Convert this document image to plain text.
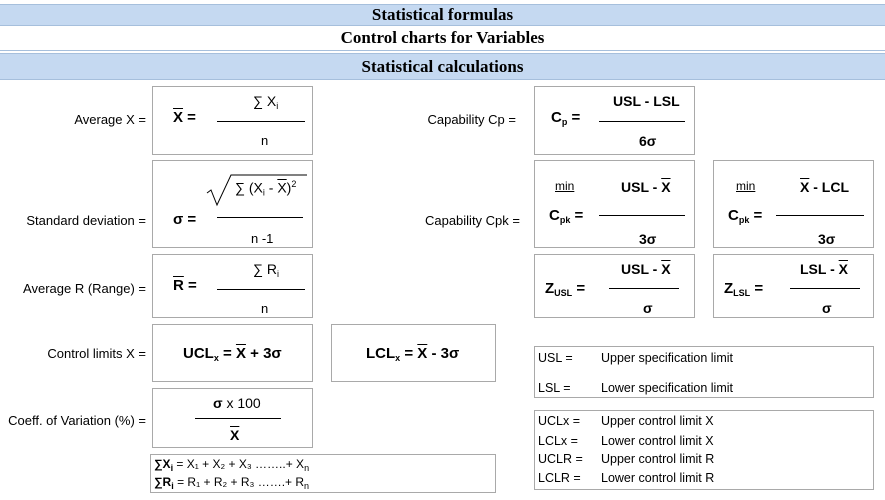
Statistical formulas
Control charts for Variables
Statistical calculations
Average X =
Standard deviation =
Average R (Range) =
Control limits X =
Coeff. of Variation (%) =
Capability Cp =
Capability Cpk =
$\overline{X}$ =
∑ $X_i$
n
σ =
∑ $(X_i - \overline{X})^2$
n -1
$\overline{R}$ =
∑ $R_i$
n
$UCL_x = \overline{X} + 3\sigma$	$LCL_x = \overline{X} - 3\sigma$
$\frac{\text{σ x 100}}{X}$
$\sum X_i = X_1 + X_2 + X_3$ ……..+ $X_n$
$\sum R_i = R_1 + R_2 + R_3$ …….+ $R_n$
$C_p$ =
USL - LSL
6σ
min
$C_{pk}$ =
USL - $\overline{X}$
3σ
min
$C_{pk}$ =
$\overline{X}$ - LCL
3σ
$Z_{USL}$ =
USL - $\overline{X}$
σ
$Z_{LSL}$ =
LSL - $\overline{X}$
σ
USL = Upper specification limit
LSL = Lower specification limit
UCLx = Upper control limit X
LCLx = Lower control limit X
UCLR = Upper control limit R
LCLR = Lower control limit R
